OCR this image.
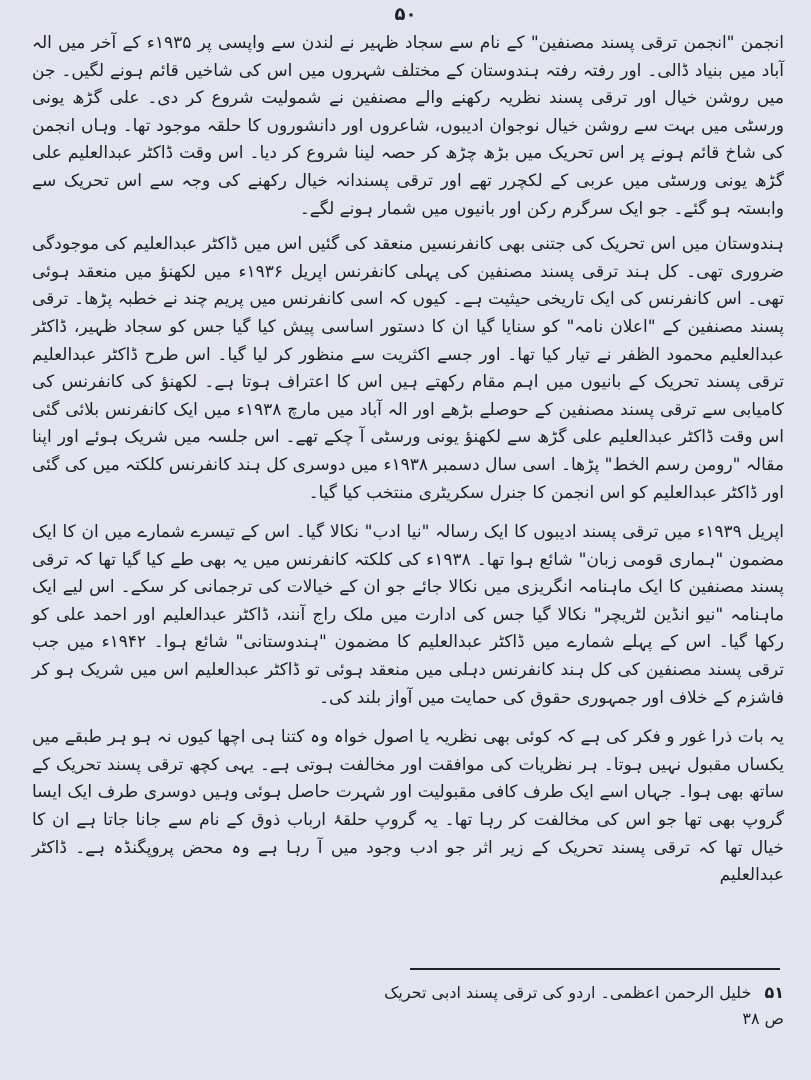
۵۰

انجمن "انجمن ترقی پسند مصنفین" کے نام سے سجاد ظہیر نے لندن سے واپسی پر ۱۹۳۵ء کے آخر میں الہ آباد میں بنیاد ڈالی۔ اور رفتہ رفتہ ہندوستان کے مختلف شہروں میں اس کی شاخیں قائم ہونے لگیں۔ جن میں روشن خیال اور ترقی پسند نظریہ رکھنے والے مصنفین نے شمولیت شروع کر دی۔ علی گڑھ یونی ورسٹی میں بہت سے روشن خیال نوجوان ادیبوں، شاعروں اور دانشوروں کا حلقہ موجود تھا۔ وہاں انجمن کی شاخ قائم ہونے پر اس تحریک میں بڑھ چڑھ کر حصہ لینا شروع کر دیا۔ اس وقت ڈاکٹر عبدالعلیم علی گڑھ یونی ورسٹی میں عربی کے لکچرر تھے اور ترقی پسندانہ خیال رکھنے کی وجہ سے اس تحریک سے وابستہ ہو گئے۔ جو ایک سرگرم رکن اور بانیوں میں شمار ہونے لگے۔

ہندوستان میں اس تحریک کی جتنی بھی کانفرنسیں منعقد کی گئیں اس میں ڈاکٹر عبدالعلیم کی موجودگی ضروری تھی۔ کل ہند ترقی پسند مصنفین کی پہلی کانفرنس اپریل ۱۹۳۶ء میں لکھنؤ میں منعقد ہوئی تھی۔ اس کانفرنس کی ایک تاریخی حیثیت ہے۔ کیوں کہ اسی کانفرنس میں پریم چند نے خطبہ پڑھا۔ ترقی پسند مصنفین کے "اعلان نامہ" کو سنایا گیا ان کا دستور اساسی پیش کیا گیا جس کو سجاد ظہیر، ڈاکٹر عبدالعلیم محمود الظفر نے تیار کیا تھا۔ اور جسے اکثریت سے منظور کر لیا گیا۔ اس طرح ڈاکٹر عبدالعلیم ترقی پسند تحریک کے بانیوں میں اہم مقام رکھتے ہیں اس کا اعتراف ہوتا ہے۔ لکھنؤ کی کانفرنس کی کامیابی سے ترقی پسند مصنفین کے حوصلے بڑھے اور الہ آباد میں مارچ ۱۹۳۸ء میں ایک کانفرنس بلائی گئی اس وقت ڈاکٹر عبدالعلیم علی گڑھ سے لکھنؤ یونی ورسٹی آ چکے تھے۔ اس جلسہ میں شریک ہوئے اور اپنا مقالہ "رومن رسم الخط" پڑھا۔ اسی سال دسمبر ۱۹۳۸ء میں دوسری کل ہند کانفرنس کلکتہ میں کی گئی اور ڈاکٹر عبدالعلیم کو اس انجمن کا جنرل سکریٹری منتخب کیا گیا۔

اپریل ۱۹۳۹ء میں ترقی پسند ادیبوں کا ایک رسالہ "نیا ادب" نکالا گیا۔ اس کے تیسرے شمارے میں ان کا ایک مضمون "ہماری قومی زبان" شائع ہوا تھا۔ ۱۹۳۸ء کی کلکتہ کانفرنس میں یہ بھی طے کیا گیا تھا کہ ترقی پسند مصنفین کا ایک ماہنامہ انگریزی میں نکالا جائے جو ان کے خیالات کی ترجمانی کر سکے۔ اس لیے ایک ماہنامہ "نیو انڈین لٹریچر" نکالا گیا جس کی ادارت میں ملک راج آنند، ڈاکٹر عبدالعلیم اور احمد علی کو رکھا گیا۔ اس کے پہلے شمارے میں ڈاکٹر عبدالعلیم کا مضمون "ہندوستانی" شائع ہوا۔ ۱۹۴۲ء میں جب ترقی پسند مصنفین کی کل ہند کانفرنس دہلی میں منعقد ہوئی تو ڈاکٹر عبدالعلیم اس میں شریک ہو کر فاشزم کے خلاف اور جمہوری حقوق کی حمایت میں آواز بلند کی۔

یہ بات ذرا غور و فکر کی ہے کہ کوئی بھی نظریہ یا اصول خواہ وہ کتنا ہی اچھا کیوں نہ ہو ہر طبقے میں یکساں مقبول نہیں ہوتا۔ ہر نظریات کی موافقت اور مخالفت ہوتی ہے۔ یہی کچھ ترقی پسند تحریک کے ساتھ بھی ہوا۔ جہاں اسے ایک طرف کافی مقبولیت اور شہرت حاصل ہوئی وہیں دوسری طرف ایک ایسا گروپ بھی تھا جو اس کی مخالفت کر رہا تھا۔ یہ گروپ حلقۂ ارباب ذوق کے نام سے جانا جاتا ہے ان کا خیال تھا کہ ترقی پسند تحریک کے زیر اثر جو ادب وجود میں آ رہا ہے وہ محض پروپگنڈہ ہے۔ ڈاکٹر عبدالعلیم

۵۱ خلیل الرحمن اعظمی۔ اردو کی ترقی پسند ادبی تحریک ص ۳۸
